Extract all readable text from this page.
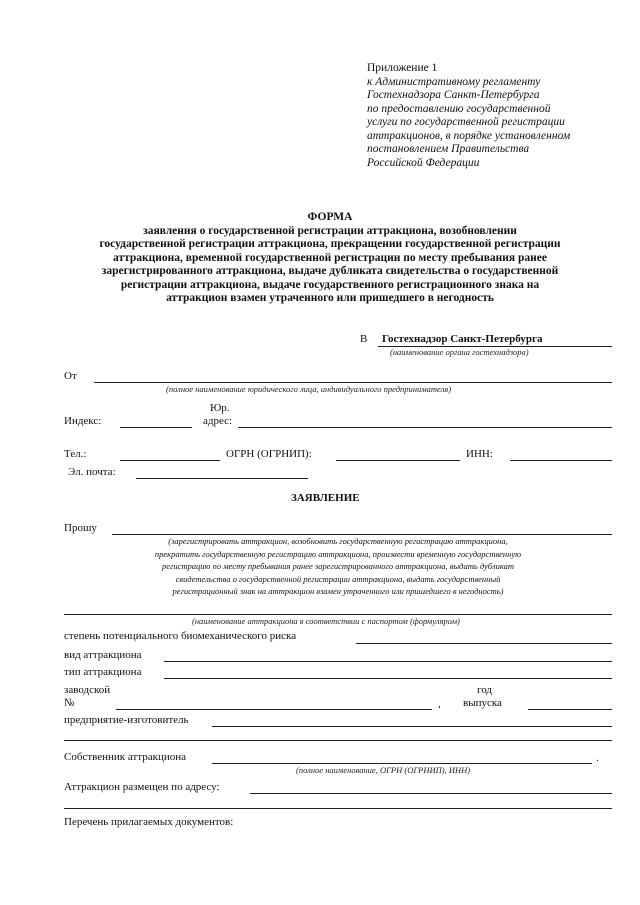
Приложение 1
к Административному регламенту
Гостехнадзора Санкт-Петербурга
по предоставлению государственной
услуги по государственной регистрации
аттракционов, в порядке установленном
постановлением Правительства
Российской Федерации
ФОРМА
заявления о государственной регистрации аттракциона, возобновлении
государственной регистрации аттракциона, прекращении государственной регистрации
аттракциона, временной государственной регистрации по месту пребывания ранее
зарегистрированного аттракциона, выдаче дубликата свидетельства о государственной
регистрации аттракциона, выдаче государственного регистрационного знака на
аттракцион взамен утраченного или пришедшего в негодность
В Гостехнадзор Санкт-Петербурга
(наименование органа гостехнадзора)
От
(полное наименование юридического лица, индивидуального предпринимателя)
Юр.
Индекс:	адрес:
Тел.:	ОГРН (ОГРНИП):	ИНН:
Эл. почта:
ЗАЯВЛЕНИЕ
Прошу
(зарегистрировать аттракцион, возобновить государственную регистрацию аттракциона,
прекратить государственную регистрацию аттракциона, произвести временную государственную
регистрацию по месту пребывания ранее зарегистрированного аттракциона, выдать дубликат
свидетельства о государственной регистрации аттракциона, выдать государственный
регистрационный знак на аттракцион взамен утраченного или пришедшего в негодность)
(наименование аттракциона в соответствии с паспортом (формуляром)
степень потенциального биомеханического риска
вид аттракциона
тип аттракциона
заводской	год
№	, выпуска
предприятие-изготовитель
Собственник аттракциона	.
(полное наименование, ОГРН (ОГРНИП), ИНН)
Аттракцион размещен по адресу:
Перечень прилагаемых документов:
